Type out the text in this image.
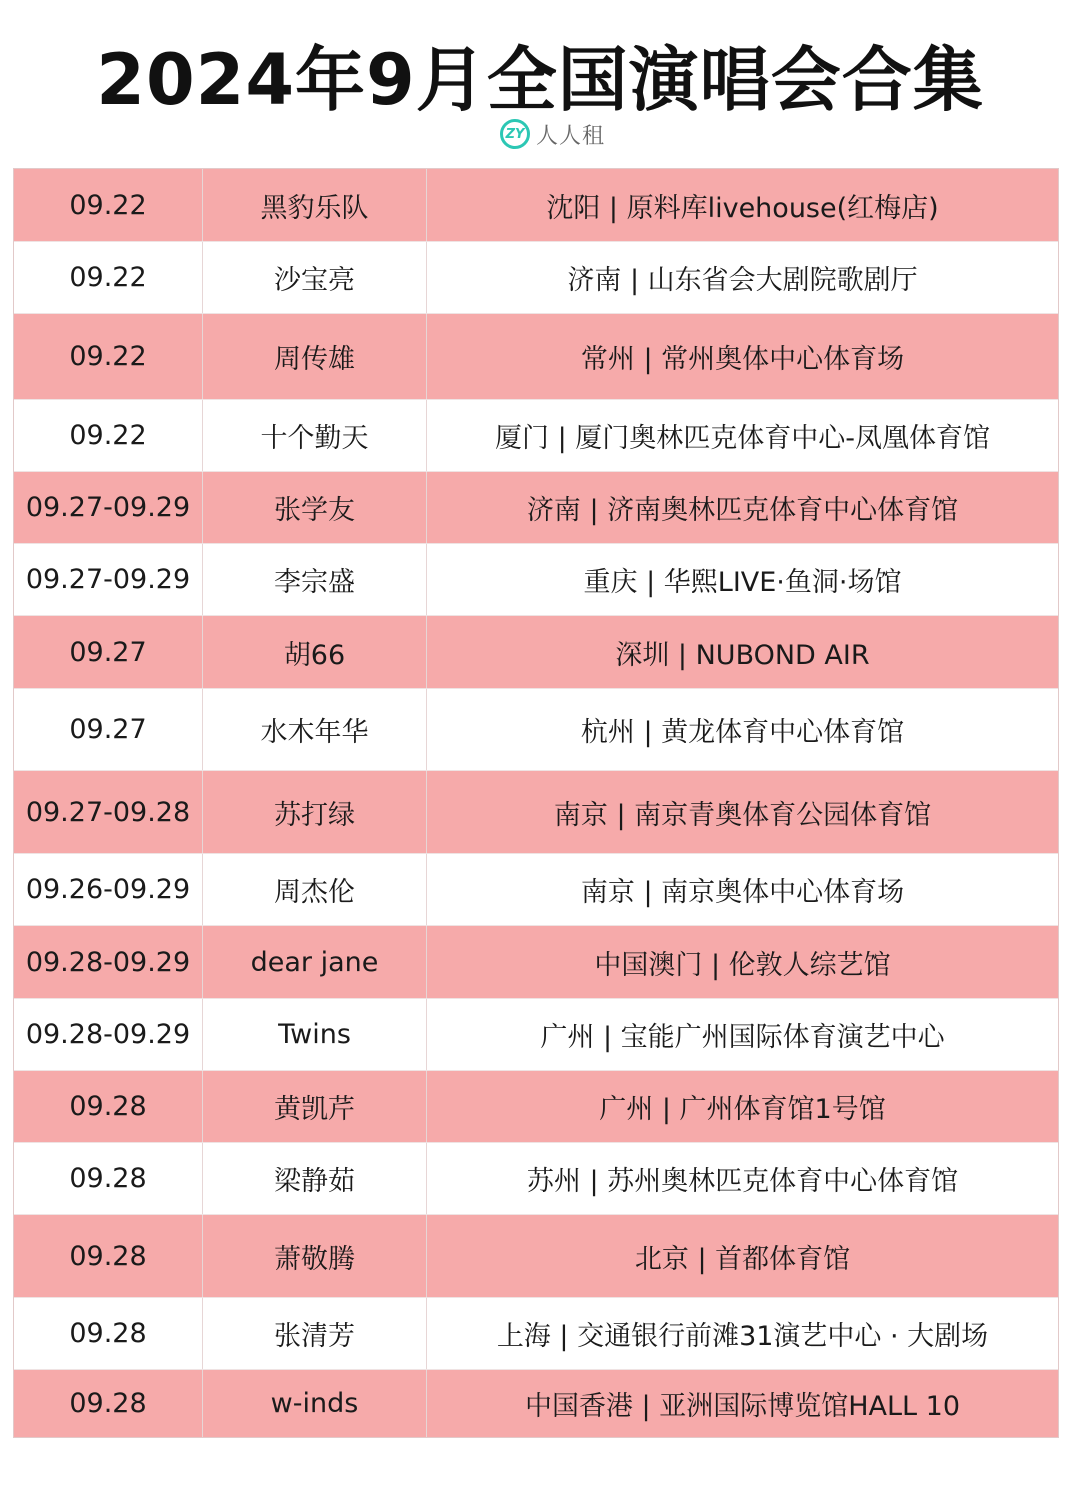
2024年9月全国演唱会合集
ZY 人人租
09.22	黑豹乐队	沈阳 | 原料库livehouse(红梅店)
09.22	沙宝亮	济南 | 山东省会大剧院歌剧厅
09.22	周传雄	常州 | 常州奥体中心体育场
09.22	十个勤天	厦门 | 厦门奥林匹克体育中心-凤凰体育馆
09.27-09.29	张学友	济南 | 济南奥林匹克体育中心体育馆
09.27-09.29	李宗盛	重庆 | 华熙LIVE·鱼洞·场馆
09.27	胡66	深圳 | NUBOND AIR
09.27	水木年华	杭州 | 黄龙体育中心体育馆
09.27-09.28	苏打绿	南京 | 南京青奥体育公园体育馆
09.26-09.29	周杰伦	南京 | 南京奥体中心体育场
09.28-09.29	dear jane	中国澳门 | 伦敦人综艺馆
09.28-09.29	Twins	广州 | 宝能广州国际体育演艺中心
09.28	黄凯芹	广州 | 广州体育馆1号馆
09.28	梁静茹	苏州 | 苏州奥林匹克体育中心体育馆
09.28	萧敬腾	北京 | 首都体育馆
09.28	张清芳	上海 | 交通银行前滩31演艺中心 · 大剧场
09.28	w-inds	中国香港 | 亚洲国际博览馆HALL 10
